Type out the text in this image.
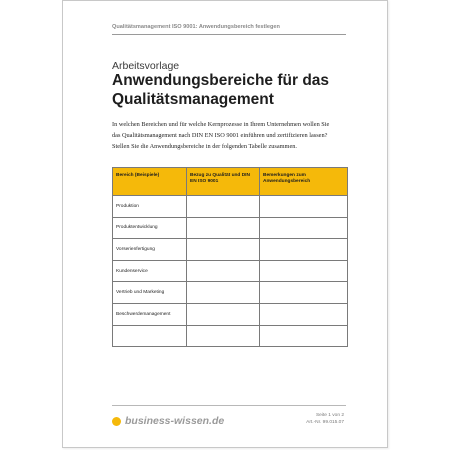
Qualitätsmanagement ISO 9001: Anwendungsbereich festlegen
Arbeitsvorlage
Anwendungsbereiche für das Qualitätsmanagement
In welchen Bereichen und für welche Kernprozesse in Ihrem Unternehmen wollen Sie das Qualitätsmanagement nach DIN EN ISO 9001 einführen und zertifizieren lassen? Stellen Sie die Anwendungsbereiche in der folgenden Tabelle zusammen.
Bereich (Beispiele)	Bezug zu Qualität und DIN EN ISO 9001	Bemerkungen zum Anwendungsbereich
Produktion		
Produktentwicklung		
Vorserienfertigung		
Kundenservice		
Vertrieb und Marketing		
Beschwerdemanagement		

business-wissen.de	Seite 1 von 2
Art.-Nr. 99.015.07
